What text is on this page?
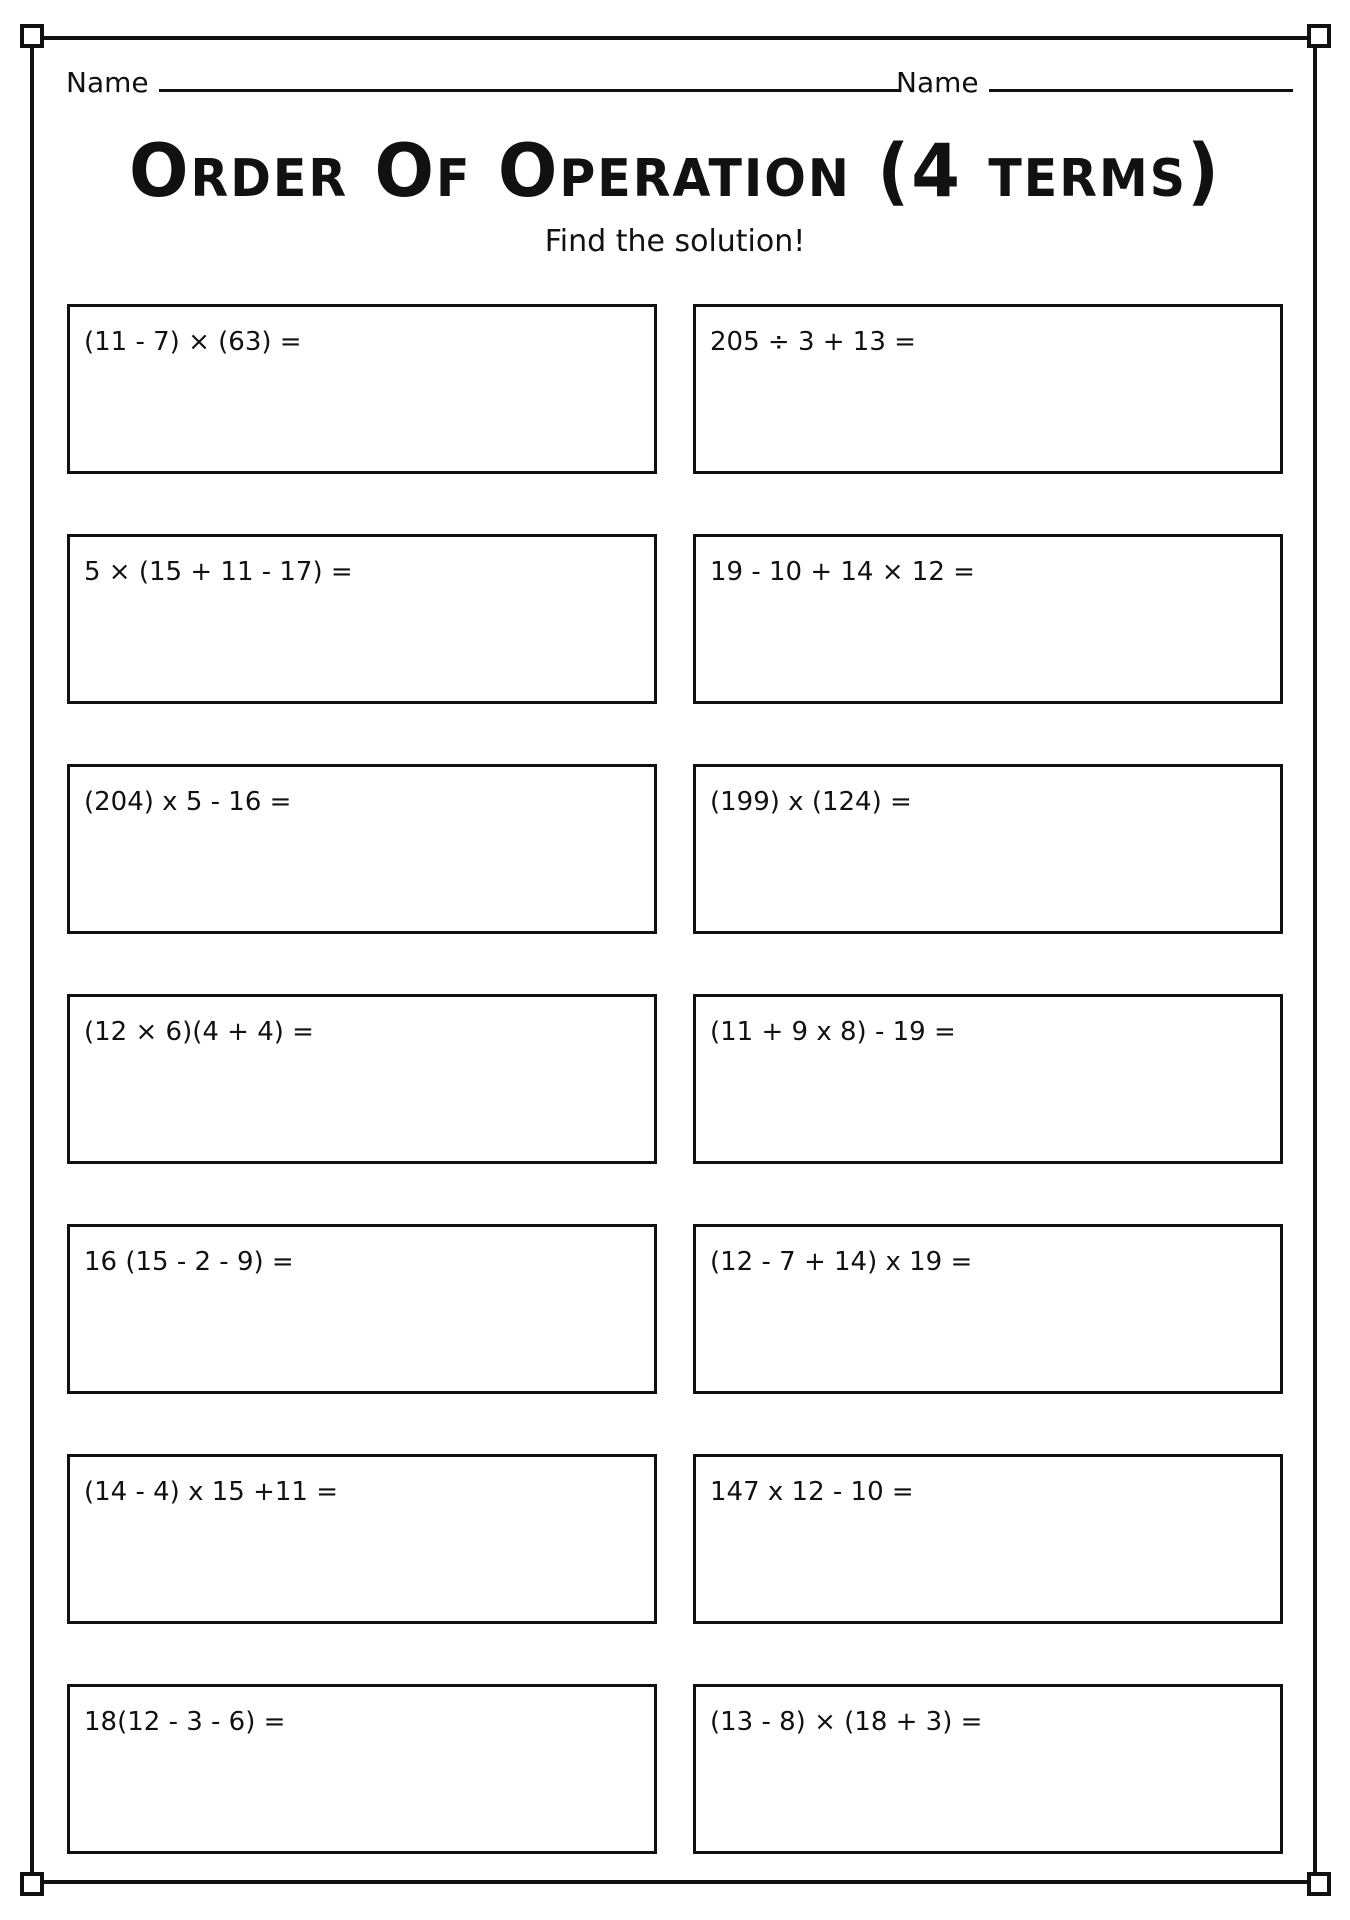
Name	Name
Order Of Operation (4 terms)
Find the solution!
(11 - 7) × (63) =	205 ÷ 3 + 13 =
5 × (15 + 11 - 17) =	19 - 10 + 14 × 12 =
(204) x 5 - 16 =	(199) x (124) =
(12 × 6)(4 + 4) =	(11 + 9 x 8) - 19 =
16 (15 - 2 - 9) =	(12 - 7 + 14) x 19 =
(14 - 4) x 15 +11 =	147 x 12 - 10 =
18(12 - 3 - 6) =	(13 - 8) × (18 + 3) =
